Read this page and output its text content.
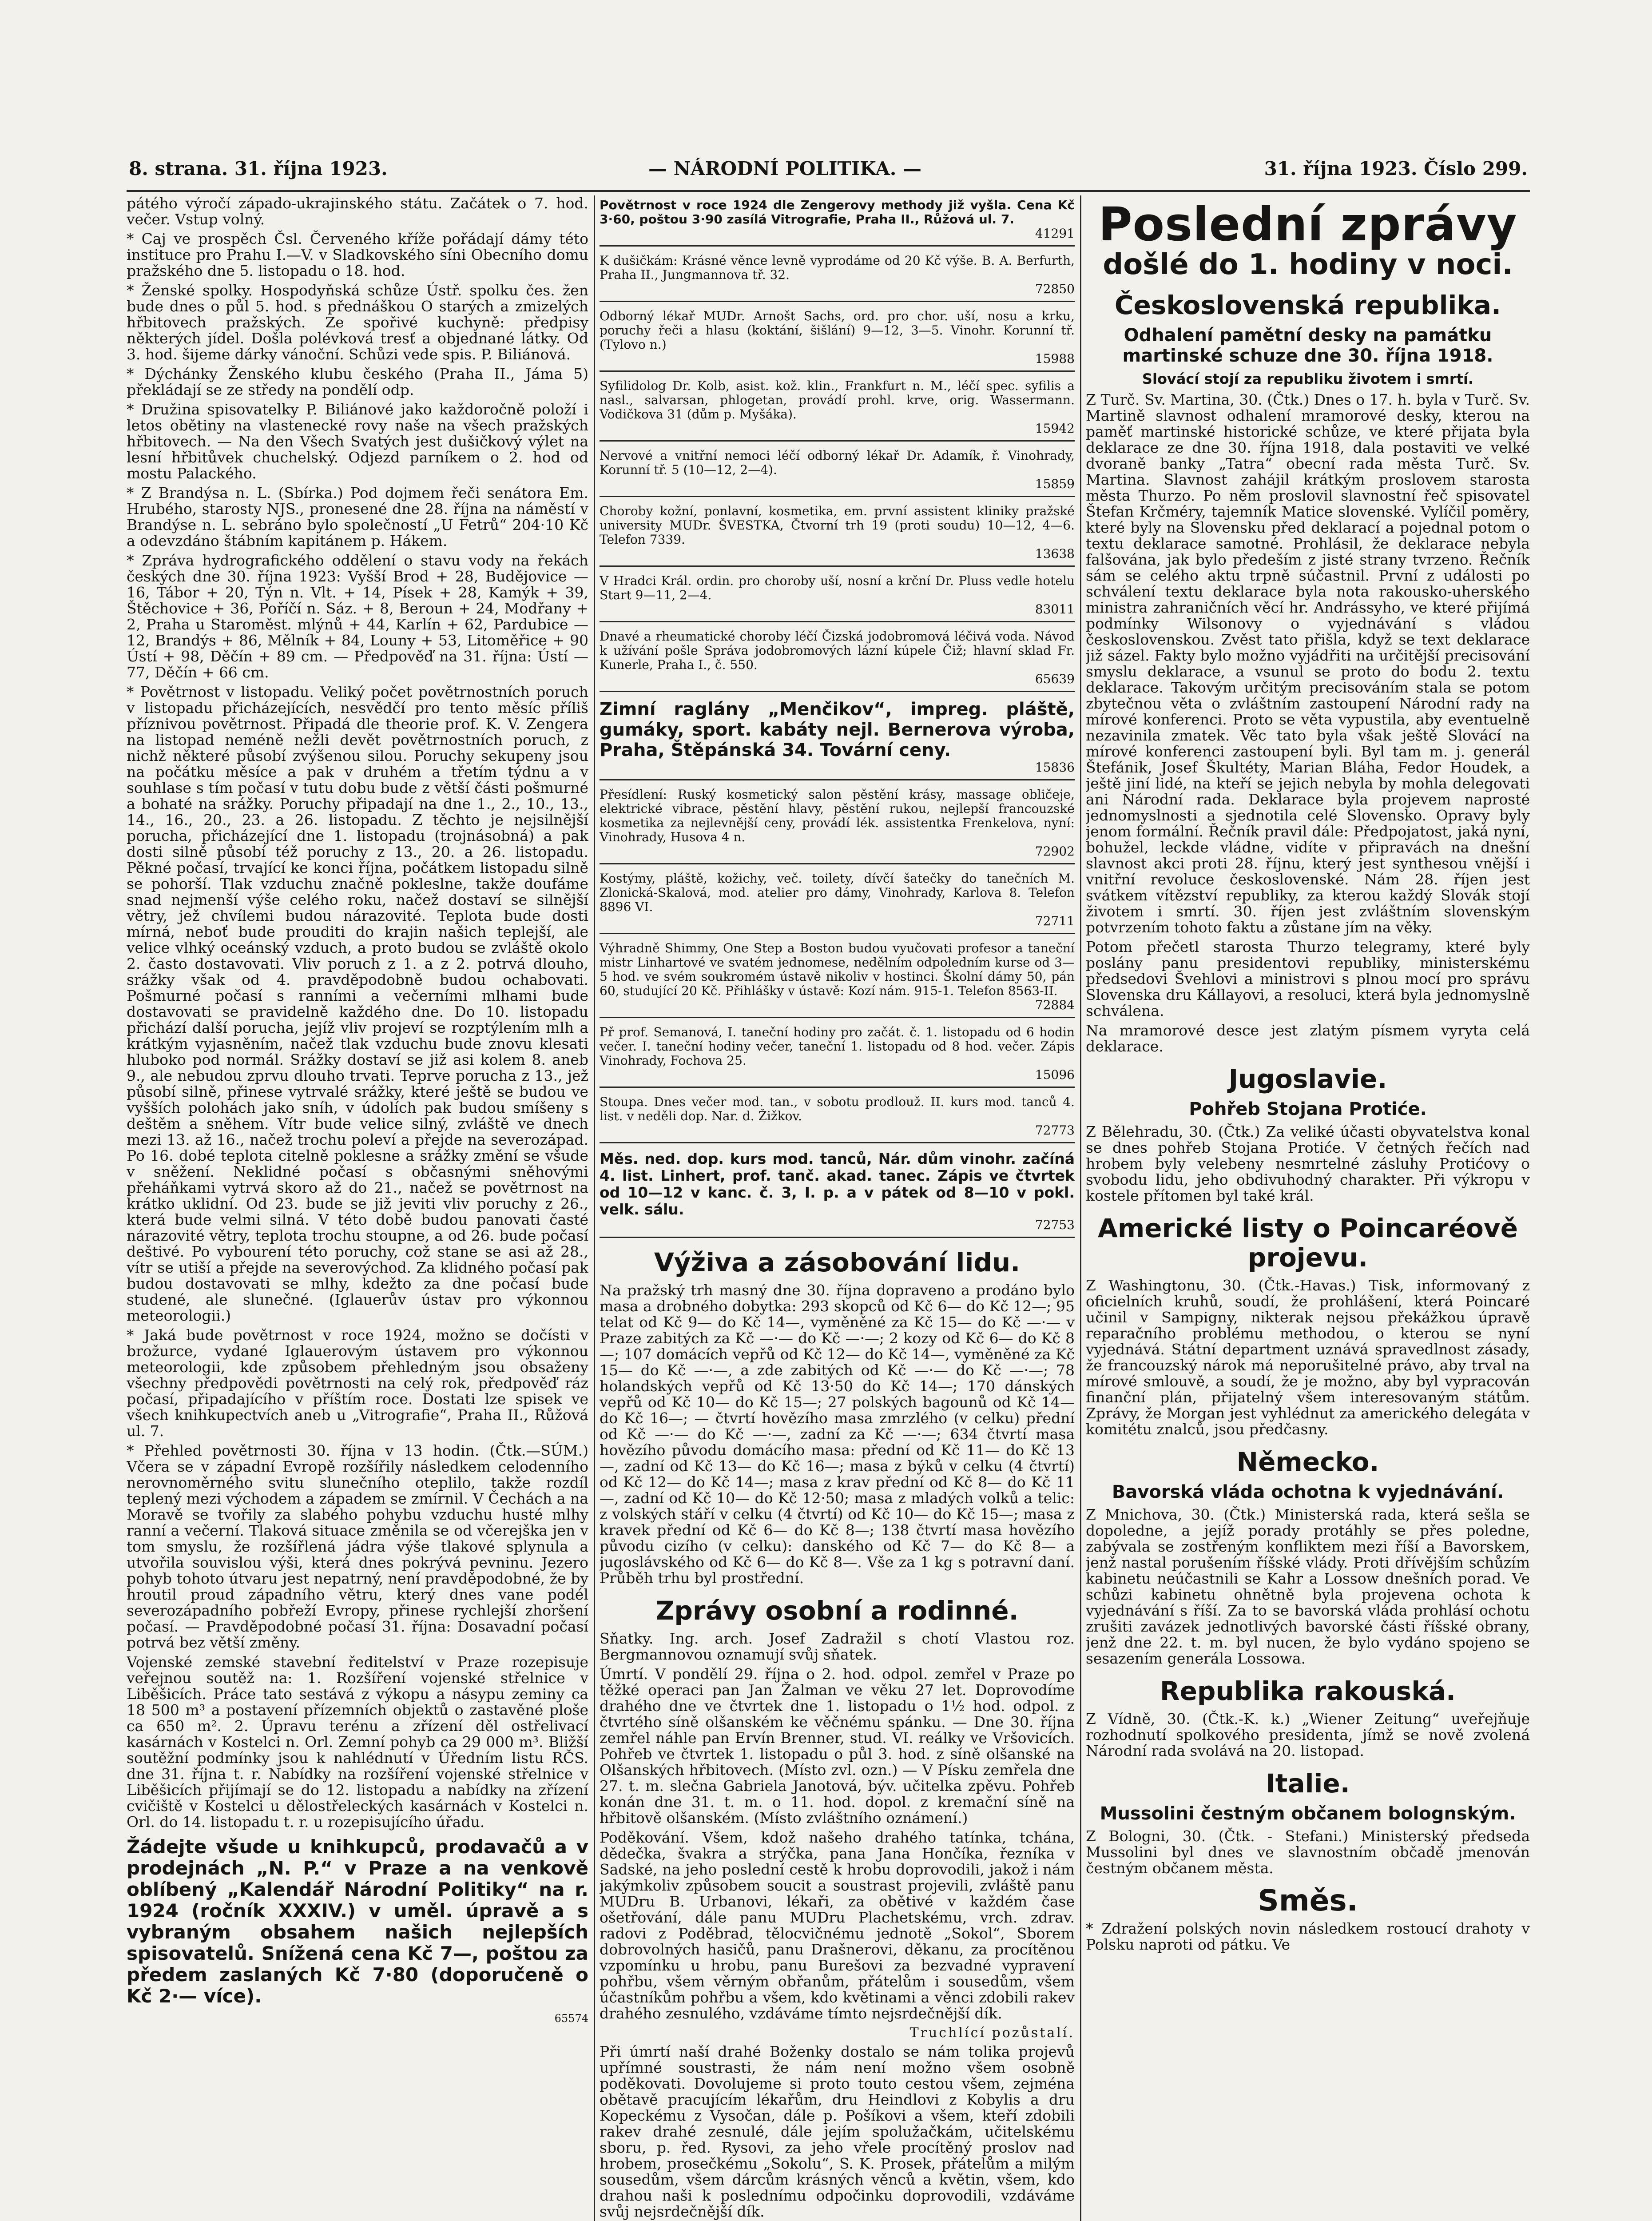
8. strana. 31. října 1923.	— NÁRODNÍ POLITIKA. —	31. října 1923. Číslo 299.

pátého výročí západo-ukrajinského státu. Začátek o 7. hod. večer. Vstup volný.

* Caj ve prospěch Čsl. Červeného kříže pořádají dámy této instituce pro Prahu I.—V. v Sladkovského síni Obecního domu pražského dne 5. listopadu o 18. hod.

* Ženské spolky. Hospodyňská schůze Ústř. spolku čes. žen bude dnes o půl 5. hod. s přednáškou O starých a zmizelých hřbitovech pražských. Ze spořivé kuchyně: předpisy některých jídel. Došla polévková tresť a objednané látky. Od 3. hod. šijeme dárky vánoční. Schůzi vede spis. P. Biliánová.

* Dýchánky Ženského klubu českého (Praha II., Jáma 5) překládají se ze středy na pondělí odp.

* Družina spisovatelky P. Biliánové jako každoročně položí i letos obětiny na vlastenecké rovy naše na všech pražských hřbitovech. — Na den Všech Svatých jest dušičkový výlet na lesní hřbitůvek chuchelský. Odjezd parníkem o 2. hod od mostu Palackého.

* Z Brandýsa n. L. (Sbírka.) Pod dojmem řeči senátora Em. Hrubého, starosty NJS., pronesené dne 28. října na náměstí v Brandýse n. L. sebráno bylo společností „U Fetrů“ 204·10 Kč a odevzdáno štábním kapitánem p. Hákem.

* Zpráva hydrografického oddělení o stavu vody na řekách českých dne 30. října 1923: Vyšší Brod + 28, Budějovice — 16, Tábor + 20, Týn n. Vlt. + 14, Písek + 28, Kamýk + 39, Štěchovice + 36, Poříčí n. Sáz. + 8, Beroun + 24, Modřany + 2, Praha u Staroměst. mlýnů + 44, Karlín + 62, Pardubice — 12, Brandýs + 86, Mělník + 84, Louny + 53, Litoměřice + 90 Ústí + 98, Děčín + 89 cm. — Předpověď na 31. října: Ústí — 77, Děčín + 66 cm.

* Povětrnost v listopadu. Veliký počet povětrnostních poruch v listopadu přicházejících, nesvědčí pro tento měsíc příliš příznivou povětrnost. Připadá dle theorie prof. K. V. Zengera na listopad neméně nežli devět povětrnostních poruch, z nichž některé působí zvýšenou silou. Poruchy sekupeny jsou na počátku měsíce a pak v druhém a třetím týdnu a v souhlase s tím počasí v tutu dobu bude z větší části pošmurné a bohaté na srážky. Poruchy připadají na dne 1., 2., 10., 13., 14., 16., 20., 23. a 26. listopadu. Z těchto je nejsilnější porucha, přicházející dne 1. listopadu (trojnásobná) a pak dosti silně působí též poruchy z 13., 20. a 26. listopadu. Pěkné počasí, trvající ke konci října, počátkem listopadu silně se pohorší. Tlak vzduchu značně pokleslne, takže doufáme snad nejmenší výše celého roku, načež dostaví se silnější větry, jež chvílemi budou nárazovité. Teplota bude dosti mírná, neboť bude prouditi do krajin našich teplejší, ale velice vlhký oceánský vzduch, a proto budou se zvláště okolo 2. často dostavovati. Vliv poruch z 1. a z 2. potrvá dlouho, srážky však od 4. pravděpodobně budou ochabovati. Pošmurné počasí s ranními a večerními mlhami bude dostavovati se pravidelně každého dne. Do 10. listopadu přichází další porucha, jejíž vliv projeví se rozptýlením mlh a krátkým vyjasněním, načež tlak vzduchu bude znovu klesati hluboko pod normál. Srážky dostaví se již asi kolem 8. aneb 9., ale nebudou zprvu dlouho trvati. Teprve porucha z 13., jež působí silně, přinese vytrvalé srážky, které ještě se budou ve vyšších polohách jako sníh, v údolích pak budou smíšeny s deštěm a sněhem. Vítr bude velice silný, zvláště ve dnech mezi 13. až 16., načež trochu poleví a přejde na severozápad. Po 16. dobé teplota citelně poklesne a srážky změní se všude v sněžení. Neklidné počasí s občasnými sněhovými přeháňkami vytrvá skoro až do 21., načež se povětrnost na krátko uklidní. Od 23. bude se již jeviti vliv poruchy z 26., která bude velmi silná. V této době budou panovati časté nárazovité větry, teplota trochu stoupne, a od 26. bude počasí deštivé. Po vybourení této poruchy, což stane se asi až 28., vítr se utiší a přejde na severovýchod. Za klidného počasí pak budou dostavovati se mlhy, kdežto za dne počasí bude studené, ale slunečné. (Iglauerův ústav pro výkonnou meteorologii.)

* Jaká bude povětrnost v roce 1924, možno se dočísti v brožurce, vydané Iglauerovým ústavem pro výkonnou meteorologii, kde způsobem přehledným jsou obsaženy všechny předpovědi povětrnosti na celý rok, předpověď ráz počasí, připadajícího v příštím roce. Dostati lze spisek ve všech knihkupectvích aneb u „Vitrografie“, Praha II., Růžová ul. 7.

* Přehled povětrnosti 30. října v 13 hodin. (Čtk.—SÚM.) Včera se v západní Evropě rozšířily následkem celodenního nerovnoměrného svitu slunečního oteplilo, takže rozdíl teplený mezi východem a západem se zmírnil. V Čechách a na Moravě se tvořily za slabého pohybu vzduchu husté mlhy ranní a večerní. Tlaková situace změnila se od včerejška jen v tom smyslu, že rozšířlená jádra výše tlakové splynula a utvořila souvislou výši, která dnes pokrývá pevninu. Jezero pohyb tohoto útvaru jest nepatrný, není pravděpodobné, že by hroutil proud západního větru, který dnes vane podél severozápadního pobřeží Evropy, přinese rychlejší zhoršení počasí. — Pravděpodobné počasí 31. října: Dosavadní počasí potrvá bez větší změny.

Vojenské zemské stavební ředitelství v Praze rozepisuje veřejnou soutěž na: 1. Rozšíření vojenské střelnice v Liběšicích. Práce tato sestává z výkopu a násypu zeminy ca 18 500 m³ a postavení přízemních objektů o zastavěné ploše ca 650 m². 2. Úpravu terénu a zřízení děl ostřelivací kasárnách v Kostelci n. Orl. Zemní pohyb ca 29 000 m³. Bližší soutěžní podmínky jsou k nahlédnutí v Úředním listu RČS. dne 31. října t. r. Nabídky na rozšíření vojenské střelnice v Liběšicích přijímají se do 12. listopadu a nabídky na zřízení cvičiště v Kostelci u dělostřeleckých kasárnách v Kostelci n. Orl. do 14. listopadu t. r. u rozepisujícího úřadu.

Žádejte všude u knihkupců, prodavačů a v prodejnách „N. P.“ v Praze a na venkově oblíbený „Kalendář Národní Politiky“ na r. 1924 (ročník XXXIV.) v uměl. úpravě a s vybraným obsahem našich nejlepších spisovatelů. Snížená cena Kč 7—, poštou za předem zaslaných Kč 7·80 (doporučeně o Kč 2·— více).

65574

Povětrnost v roce 1924 dle Zengerovy methody již vyšla. Cena Kč 3·60, poštou 3·90 zasílá Vitrografie, Praha II., Růžová ul. 7.

41291

K dušičkám: Krásné věnce levně vyprodáme od 20 Kč výše. B. A. Berfurth, Praha II., Jungmannova tř. 32.

72850

Odborný lékař MUDr. Arnošt Sachs, ord. pro chor. uší, nosu a krku, poruchy řeči a hlasu (koktání, šišlání) 9—12, 3—5. Vinohr. Korunní tř. (Tylovo n.)

15988

Syfilidolog Dr. Kolb, asist. kož. klin., Frankfurt n. M., léčí spec. syfilis a nasl., salvarsan, phlogetan, provádí prohl. krve, orig. Wassermann. Vodičkova 31 (dům p. Myšáka).

15942

Nervové a vnitřní nemoci léčí odborný lékař Dr. Adamík, ř. Vinohrady, Korunní tř. 5 (10—12, 2—4).

15859

Choroby kožní, ponlavní, kosmetika, em. první assistent kliniky pražské university MUDr. ŠVESTKA, Čtvorní trh 19 (proti soudu) 10—12, 4—6. Telefon 7339.

13638

V Hradci Král. ordin. pro choroby uší, nosní a krční Dr. Pluss vedle hotelu Start 9—11, 2—4.

83011

Dnavé a rheumatické choroby léčí Čizská jodobromová léčivá voda. Návod k užívání pošle Správa jodobromových lázní kúpele Čiž; hlavní sklad Fr. Kunerle, Praha I., č. 550.

65639

Zimní raglány „Menčikov“, impreg. pláště, gumáky, sport. kabáty nejl. Bernerova výroba, Praha, Štěpánská 34. Tovární ceny.

15836

Přesídlení: Ruský kosmetický salon pěstění krásy, massage obličeje, elektrické vibrace, pěstění hlavy, pěstění rukou, nejlepší francouzské kosmetika za nejlevnější ceny, provádí lék. assistentka Frenkelova, nyní: Vinohrady, Husova 4 n.

72902

Kostýmy, pláště, kožichy, več. toilety, dívčí šatečky do tanečních M. Zlonická-Skalová, mod. atelier pro dámy, Vinohrady, Karlova 8. Telefon 8896 VI.

72711

Výhradně Shimmy, One Step a Boston budou vyučovati profesor a taneční mistr Linhartové ve svatém jednomese, nedělním odpoledním kurse od 3—5 hod. ve svém soukromém ústavě nikoliv v hostinci. Školní dámy 50, pán 60, studující 20 Kč. Přihlášky v ústavě: Kozí nám. 915-1. Telefon 8563-II.

72884

Př prof. Semanová, I. taneční hodiny pro začát. č. 1. listopadu od 6 hodin večer. I. taneční hodiny večer, taneční 1. listopadu od 8 hod. večer. Zápis Vinohrady, Fochova 25.

15096

Stoupa. Dnes večer mod. tan., v sobotu prodlouž. II. kurs mod. tanců 4. list. v neděli dop. Nar. d. Žižkov.

72773

Měs. ned. dop. kurs mod. tanců, Nár. dům vinohr. začíná 4. list. Linhert, prof. tanč. akad. tanec. Zápis ve čtvrtek od 10—12 v kanc. č. 3, I. p. a v pátek od 8—10 v pokl. velk. sálu.

72753

Výživa a zásobování lidu.

Na pražský trh masný dne 30. října dopraveno a prodáno bylo masa a drobného dobytka: 293 skopců od Kč 6— do Kč 12—; 95 telat od Kč 9— do Kč 14—, vyměněné za Kč 15— do Kč —·— v Praze zabitých za Kč —·— do Kč —·—; 2 kozy od Kč 6— do Kč 8—; 107 domácích vepřů od Kč 12— do Kč 14—, vyměněné za Kč 15— do Kč —·—, a zde zabitých od Kč —·— do Kč —·—; 78 holandských vepřů od Kč 13·50 do Kč 14—; 170 dánských vepřů od Kč 10— do Kč 15—; 27 polských bagounů od Kč 14— do Kč 16—; — čtvrtí hovězího masa zmrzlého (v celku) přední od Kč —·— do Kč —·—, zadní za Kč —·—; 634 čtvrtí masa hovězího původu domácího masa: přední od Kč 11— do Kč 13—, zadní od Kč 13— do Kč 16—; masa z býků v celku (4 čtvrtí) od Kč 12— do Kč 14—; masa z krav přední od Kč 8— do Kč 11—, zadní od Kč 10— do Kč 12·50; masa z mladých volků a telic: z volských stáří v celku (4 čtvrtí) od Kč 10— do Kč 15—; masa z kravek přední od Kč 6— do Kč 8—; 138 čtvrtí masa hovězího původu cizího (v celku): danského od Kč 7— do Kč 8— a jugoslávského od Kč 6— do Kč 8—. Vše za 1 kg s potravní daní. Průběh trhu byl prostřední.

Zprávy osobní a rodinné.

Sňatky. Ing. arch. Josef Zadražil s chotí Vlastou roz. Bergmannovou oznamují svůj sňatek.

Úmrtí. V pondělí 29. října o 2. hod. odpol. zemřel v Praze po těžké operaci pan Jan Žalman ve věku 27 let. Doprovodíme drahého dne ve čtvrtek dne 1. listopadu o 1½ hod. odpol. z čtvrtého síně olšanském ke věčnému spánku. — Dne 30. října zemřel náhle pan Ervín Brenner, stud. VI. reálky ve Vršovicích. Pohřeb ve čtvrtek 1. listopadu o půl 3. hod. z síně olšanské na Olšanských hřbitovech. (Místo zvl. ozn.) — V Písku zemřela dne 27. t. m. slečna Gabriela Janotová, býv. učitelka zpěvu. Pohřeb konán dne 31. t. m. o 11. hod. dopol. z kremační síně na hřbitově olšanském. (Místo zvláštního oznámení.)

Poděkování. Všem, kdož našeho drahého tatínka, tchána, dědečka, švakra a strýčka, pana Jana Hončíka, řezníka v Sadské, na jeho poslední cestě k hrobu doprovodili, jakož i nám jakýmkoliv způsobem soucit a soustrast projevili, zvláště panu MUDru B. Urbanovi, lékaři, za obětivé v každém čase ošetřování, dále panu MUDru Plachetskému, vrch. zdrav. radovi z Poděbrad, tělocvičnému jednotě „Sokol“, Sborem dobrovolných hasičů, panu Drašnerovi, děkanu, za procítěnou vzpomínku u hrobu, panu Burešovi za bezvadné vypravení pohřbu, všem věrným obřanům, přátelům i sousedům, všem účastníkům pohřbu a všem, kdo květinami a věnci zdobili rakev drahého zesnulého, vzdáváme tímto nejsrdečnější dík.

Truchlící pozůstalí.

Při úmrtí naší drahé Boženky dostalo se nám tolika projevů upřímné soustrasti, že nám není možno všem osobně poděkovati. Dovolujeme si proto touto cestou všem, zejména obětavě pracujícím lékařům, dru Heindlovi z Kobylis a dru Kopeckému z Vysočan, dále p. Pošíkovi a všem, kteří zdobili rakev drahé zesnulé, dále jejím spolužačkám, učitelskému sboru, p. řed. Rysovi, za jeho vřele procítěný proslov nad hrobem, prosečkému „Sokolu“, S. K. Prosek, přátelům a milým sousedům, všem dárcům krásných věnců a květin, všem, kdo drahou naši k poslednímu odpočinku doprovodili, vzdáváme svůj nejsrdečnější dík.

Poslední zprávy
došlé do 1. hodiny v noci.
Československá republika.
Odhalení pamětní desky na památku martinské schuze dne 30. října 1918.
Slovácí stojí za republiku životem i smrtí.

Z Turč. Sv. Martina, 30. (Čtk.) Dnes o 17. h. byla v Turč. Sv. Martině slavnost odhalení mramorové desky, kterou na paměť martinské historické schůze, ve které přijata byla deklarace ze dne 30. října 1918, dala postaviti ve velké dvoraně banky „Tatra“ obecní rada města Turč. Sv. Martina. Slavnost zahájil krátkým proslovem starosta města Thurzo. Po něm proslovil slavnostní řeč spisovatel Štefan Krčméry, tajemník Matice slovenské. Vylíčil poměry, které byly na Slovensku před deklarací a pojednal potom o textu deklarace samotné. Prohlásil, že deklarace nebyla falšována, jak bylo předeším z jisté strany tvrzeno. Řečník sám se celého aktu trpně súčastnil. První z události po schválení textu deklarace byla nota rakousko-uherského ministra zahraničních věcí hr. Andrássyho, ve které přijímá podmínky Wilsonovy o vyjednávání s vládou československou. Zvěst tato přišla, když se text deklarace již sázel. Fakty bylo možno vyjádřiti na určitější precisování smyslu deklarace, a vsunul se proto do bodu 2. textu deklarace. Takovým určitým precisováním stala se potom zbytečnou věta o zvláštním zastoupení Národní rady na mírové konferenci. Proto se věta vypustila, aby eventuelně nezavinila zmatek. Věc tato byla však ještě Slovácí na mírové konferenci zastoupení byli. Byl tam m. j. generál Štefánik, Josef Škultéty, Marian Bláha, Fedor Houdek, a ještě jiní lidé, na kteří se jejich nebyla by mohla delegovati ani Národní rada. Deklarace byla projevem naprosté jednomyslnosti a sjednotila celé Slovensko. Opravy byly jenom formální. Řečník pravil dále: Předpojatost, jaká nyní, bohužel, leckde vládne, vidíte v připravách na dnešní slavnost akci proti 28. říjnu, který jest synthesou vnější i vnitřní revoluce československé. Nám 28. říjen jest svátkem vítězství republiky, za kterou každý Slovák stojí životem i smrtí. 30. říjen jest zvláštním slovenským potvrzením tohoto faktu a zůstane jím na věky.

Potom přečetl starosta Thurzo telegramy, které byly poslány panu presidentovi republiky, ministerskému předsedovi Švehlovi a ministrovi s plnou mocí pro správu Slovenska dru Kállayovi, a resoluci, která byla jednomyslně schválena.

Na mramorové desce jest zlatým písmem vyryta celá deklarace.

Jugoslavie.
Pohřeb Stojana Protiće.

Z Bělehradu, 30. (Čtk.) Za veliké účasti obyvatelstva konal se dnes pohřeb Stojana Protiće. V četných řečích nad hrobem byly velebeny nesmrtelné zásluhy Protićovy o svobodu lidu, jeho obdivuhodný charakter. Při výkropu v kostele přítomen byl také král.

Americké listy o Poincaréově projevu.

Z Washingtonu, 30. (Čtk.-Havas.) Tisk, informovaný z oficielních kruhů, soudí, že prohlášení, která Poincaré učinil v Sampigny, nikterak nejsou překážkou úpravě reparačního problému methodou, o kterou se nyní vyjednává. Státní department uznává spravedlnost zásady, že francouzský nárok má neporušitelné právo, aby trval na mírové smlouvě, a soudí, že je možno, aby byl vypracován finanční plán, přijatelný všem interesovaným státům. Zprávy, že Morgan jest vyhlédnut za amerického delegáta v komitétu znalců, jsou předčasny.

Německo.
Bavorská vláda ochotna k vyjednávání.

Z Mnichova, 30. (Čtk.) Ministerská rada, která sešla se dopoledne, a jejíž porady protáhly se přes poledne, zabývala se zostřeným konfliktem mezi říší a Bavorskem, jenž nastal porušením říšské vlády. Proti dřívějším schůzím kabinetu neúčastnili se Kahr a Lossow dnešních porad. Ve schůzi kabinetu ohnětně byla projevena ochota k vyjednávání s říší. Za to se bavorská vláda prohlásí ochotu zrušiti zavázek jednotlivých bavorské části říšské obrany, jenž dne 22. t. m. byl nucen, že bylo vydáno spojeno se sesazením generála Lossowa.

Republika rakouská.

Z Vídně, 30. (Čtk.-K. k.) „Wiener Zeitung“ uveřejňuje rozhodnutí spolkového presidenta, jímž se nově zvolená Národní rada svolává na 20. listopad.

Italie.
Mussolini čestným občanem bolognským.

Z Bologni, 30. (Čtk. - Stefani.) Ministerský předseda Mussolini byl dnes ve slavnostním občadě jmenován čestným občanem města.

Směs.

* Zdražení polských novin následkem rostoucí drahoty v Polsku naproti od pátku. Ve
